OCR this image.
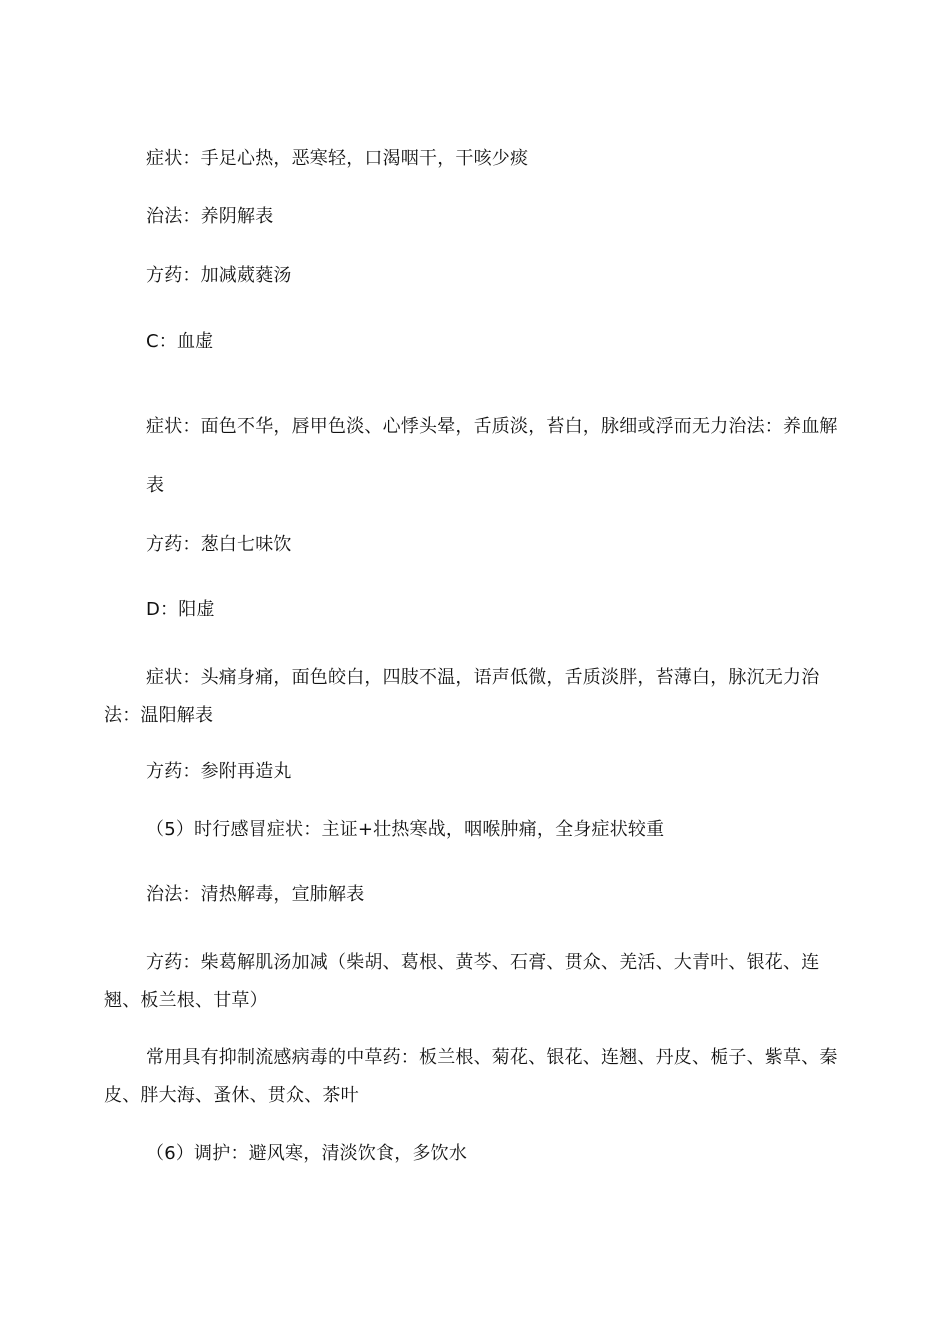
症状：手足心热，恶寒轻，口渴咽干，干咳少痰
治法：养阴解表
方药：加减葳蕤汤
C：血虚
症状：面色不华，唇甲色淡、心悸头晕，舌质淡，苔白，脉细或浮而无力治法：养血解
表
方药：葱白七味饮
D：阳虚
症状：头痛身痛，面色皎白，四肢不温，语声低微，舌质淡胖，苔薄白，脉沉无力治法：温阳解表
方药：参附再造丸
（5）时行感冒症状：主证+壮热寒战，咽喉肿痛，全身症状较重
治法：清热解毒，宣肺解表
方药：柴葛解肌汤加减（柴胡、葛根、黄芩、石膏、贯众、羌活、大青叶、银花、连翘、板兰根、甘草）
常用具有抑制流感病毒的中草药：板兰根、菊花、银花、连翘、丹皮、栀子、紫草、秦皮、胖大海、蚤休、贯众、茶叶
（6）调护：避风寒，清淡饮食，多饮水
